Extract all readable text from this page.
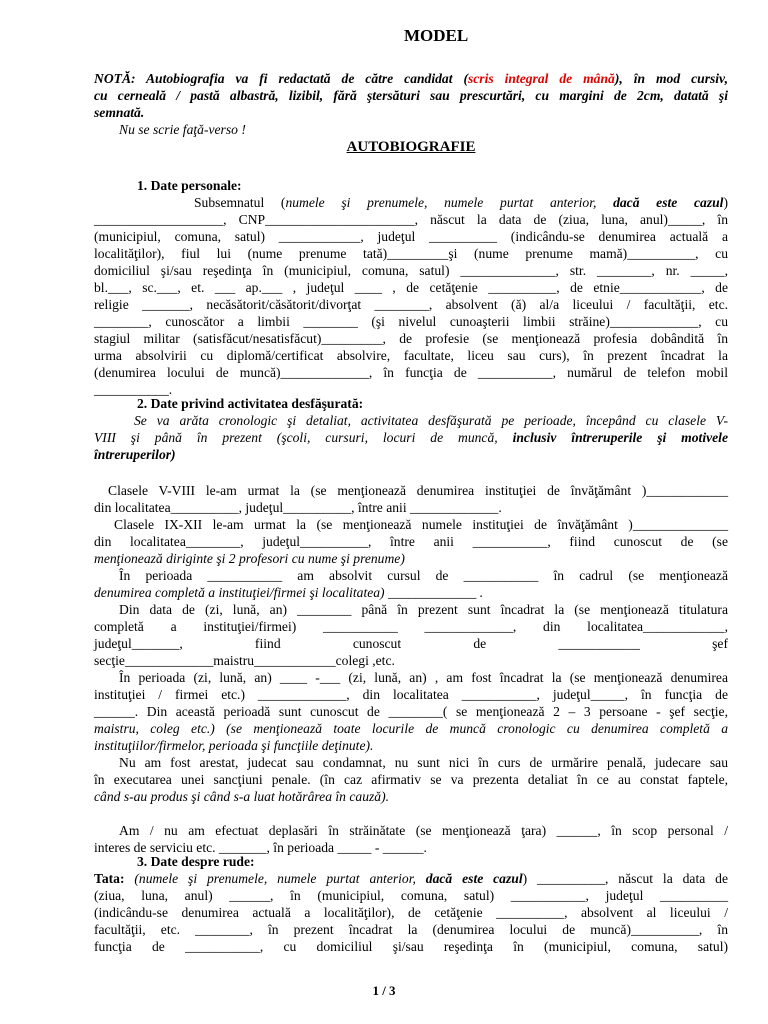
MODEL
NOTĂ: Autobiografia va fi redactată de către candidat (scris integral de mână), în mod cursiv,
cu cerneală / pastă albastră, lizibil, fără ştersături sau prescurtări, cu margini de 2cm, datată şi
semnată.
Nu se scrie faţă-verso !
AUTOBIOGRAFIE
1. Date personale:
Subsemnatul (numele şi prenumele, numele purtat anterior, dacă este cazul)
___________________, CNP______________________, născut la data de (ziua, luna, anul)_____, în
(municipiul, comuna, satul) ____________, judeţul __________ (indicându-se denumirea actuală a
localităţilor), fiul lui (nume prenume tată)_________şi (nume prenume mamă)__________, cu
domiciliul şi/sau reşedinţa în (municipiul, comuna, satul) ______________, str. ________, nr. _____,
bl.___, sc.___, et. ___ ap.___ , judeţul ____ , de cetăţenie __________, de etnie____________, de
religie _______, necăsătorit/căsătorit/divorţat ________, absolvent (ă) al/a liceului / facultăţii, etc.
________, cunoscător a limbii ________ (şi nivelul cunoaşterii limbii străine)_____________, cu
stagiul militar (satisfăcut/nesatisfăcut)_________, de profesie (se menţionează profesia dobândită în
urma absolvirii cu diplomă/certificat absolvire, facultate, liceu sau curs), în prezent încadrat la
(denumirea locului de muncă)_____________, în funcţia de ___________, numărul de telefon mobil
___________.
2. Date privind activitatea desfăşurată:
Se va arăta cronologic şi detaliat, activitatea desfăşurată pe perioade, începând cu clasele V-
VIII şi până în prezent (şcoli, cursuri, locuri de muncă, inclusiv întreruperile şi motivele
întreruperilor)
Clasele V-VIII le-am urmat la (se menţionează denumirea instituţiei de învăţământ )____________
din localitatea__________, judeţul__________, între anii _____________.
Clasele IX-XII le-am urmat la (se menţionează numele instituţiei de învăţământ )______________
din localitatea________, judeţul__________, între anii ___________, fiind cunoscut de (se
menţionează diriginte şi 2 profesori cu nume şi prenume)
În perioada ___________ am absolvit cursul de ___________ în cadrul (se menţionează
denumirea completă a instituţiei/firmei şi localitatea) _____________ .
Din data de (zi, lună, an) ________ până în prezent sunt încadrat la (se menţionează titulatura
completă a instituţiei/firmei) ___________ _____________, din localitatea____________,
judeţul_______, fiind cunoscut de ____________ şef
secţie_____________maistru____________colegi ,etc.
În perioada (zi, lună, an) ____ -___ (zi, lună, an) , am fost încadrat la (se menţionează denumirea
instituţiei / firmei etc.) _____________, din localitatea ___________, judeţul_____, în funcţia de
______. Din această perioadă sunt cunoscut de ________( se menţionează 2 – 3 persoane - şef secţie,
maistru, coleg etc.) (se menţionează toate locurile de muncă cronologic cu denumirea completă a
instituţiilor/firmelor, perioada şi funcţiile deţinute).
Nu am fost arestat, judecat sau condamnat, nu sunt nici în curs de urmărire penală, judecare sau
în executarea unei sancţiuni penale. (în caz afirmativ se va prezenta detaliat în ce au constat faptele,
când s-au produs şi când s-a luat hotărârea în cauză).
Am / nu am efectuat deplasări în străinătate (se menţionează ţara) ______, în scop personal /
interes de serviciu etc. _______, în perioada _____ - ______.
3. Date despre rude:
Tata: (numele şi prenumele, numele purtat anterior, dacă este cazul) __________, născut la data de
(ziua, luna, anul) ______, în (municipiul, comuna, satul) ___________, judeţul __________
(indicându-se denumirea actuală a localităţilor), de cetăţenie __________, absolvent al liceului /
facultăţii, etc. ________, în prezent încadrat la (denumirea locului de muncă)__________, în
funcţia de ___________, cu domiciliul şi/sau reşedinţa în (municipiul, comuna, satul)
1 / 3
